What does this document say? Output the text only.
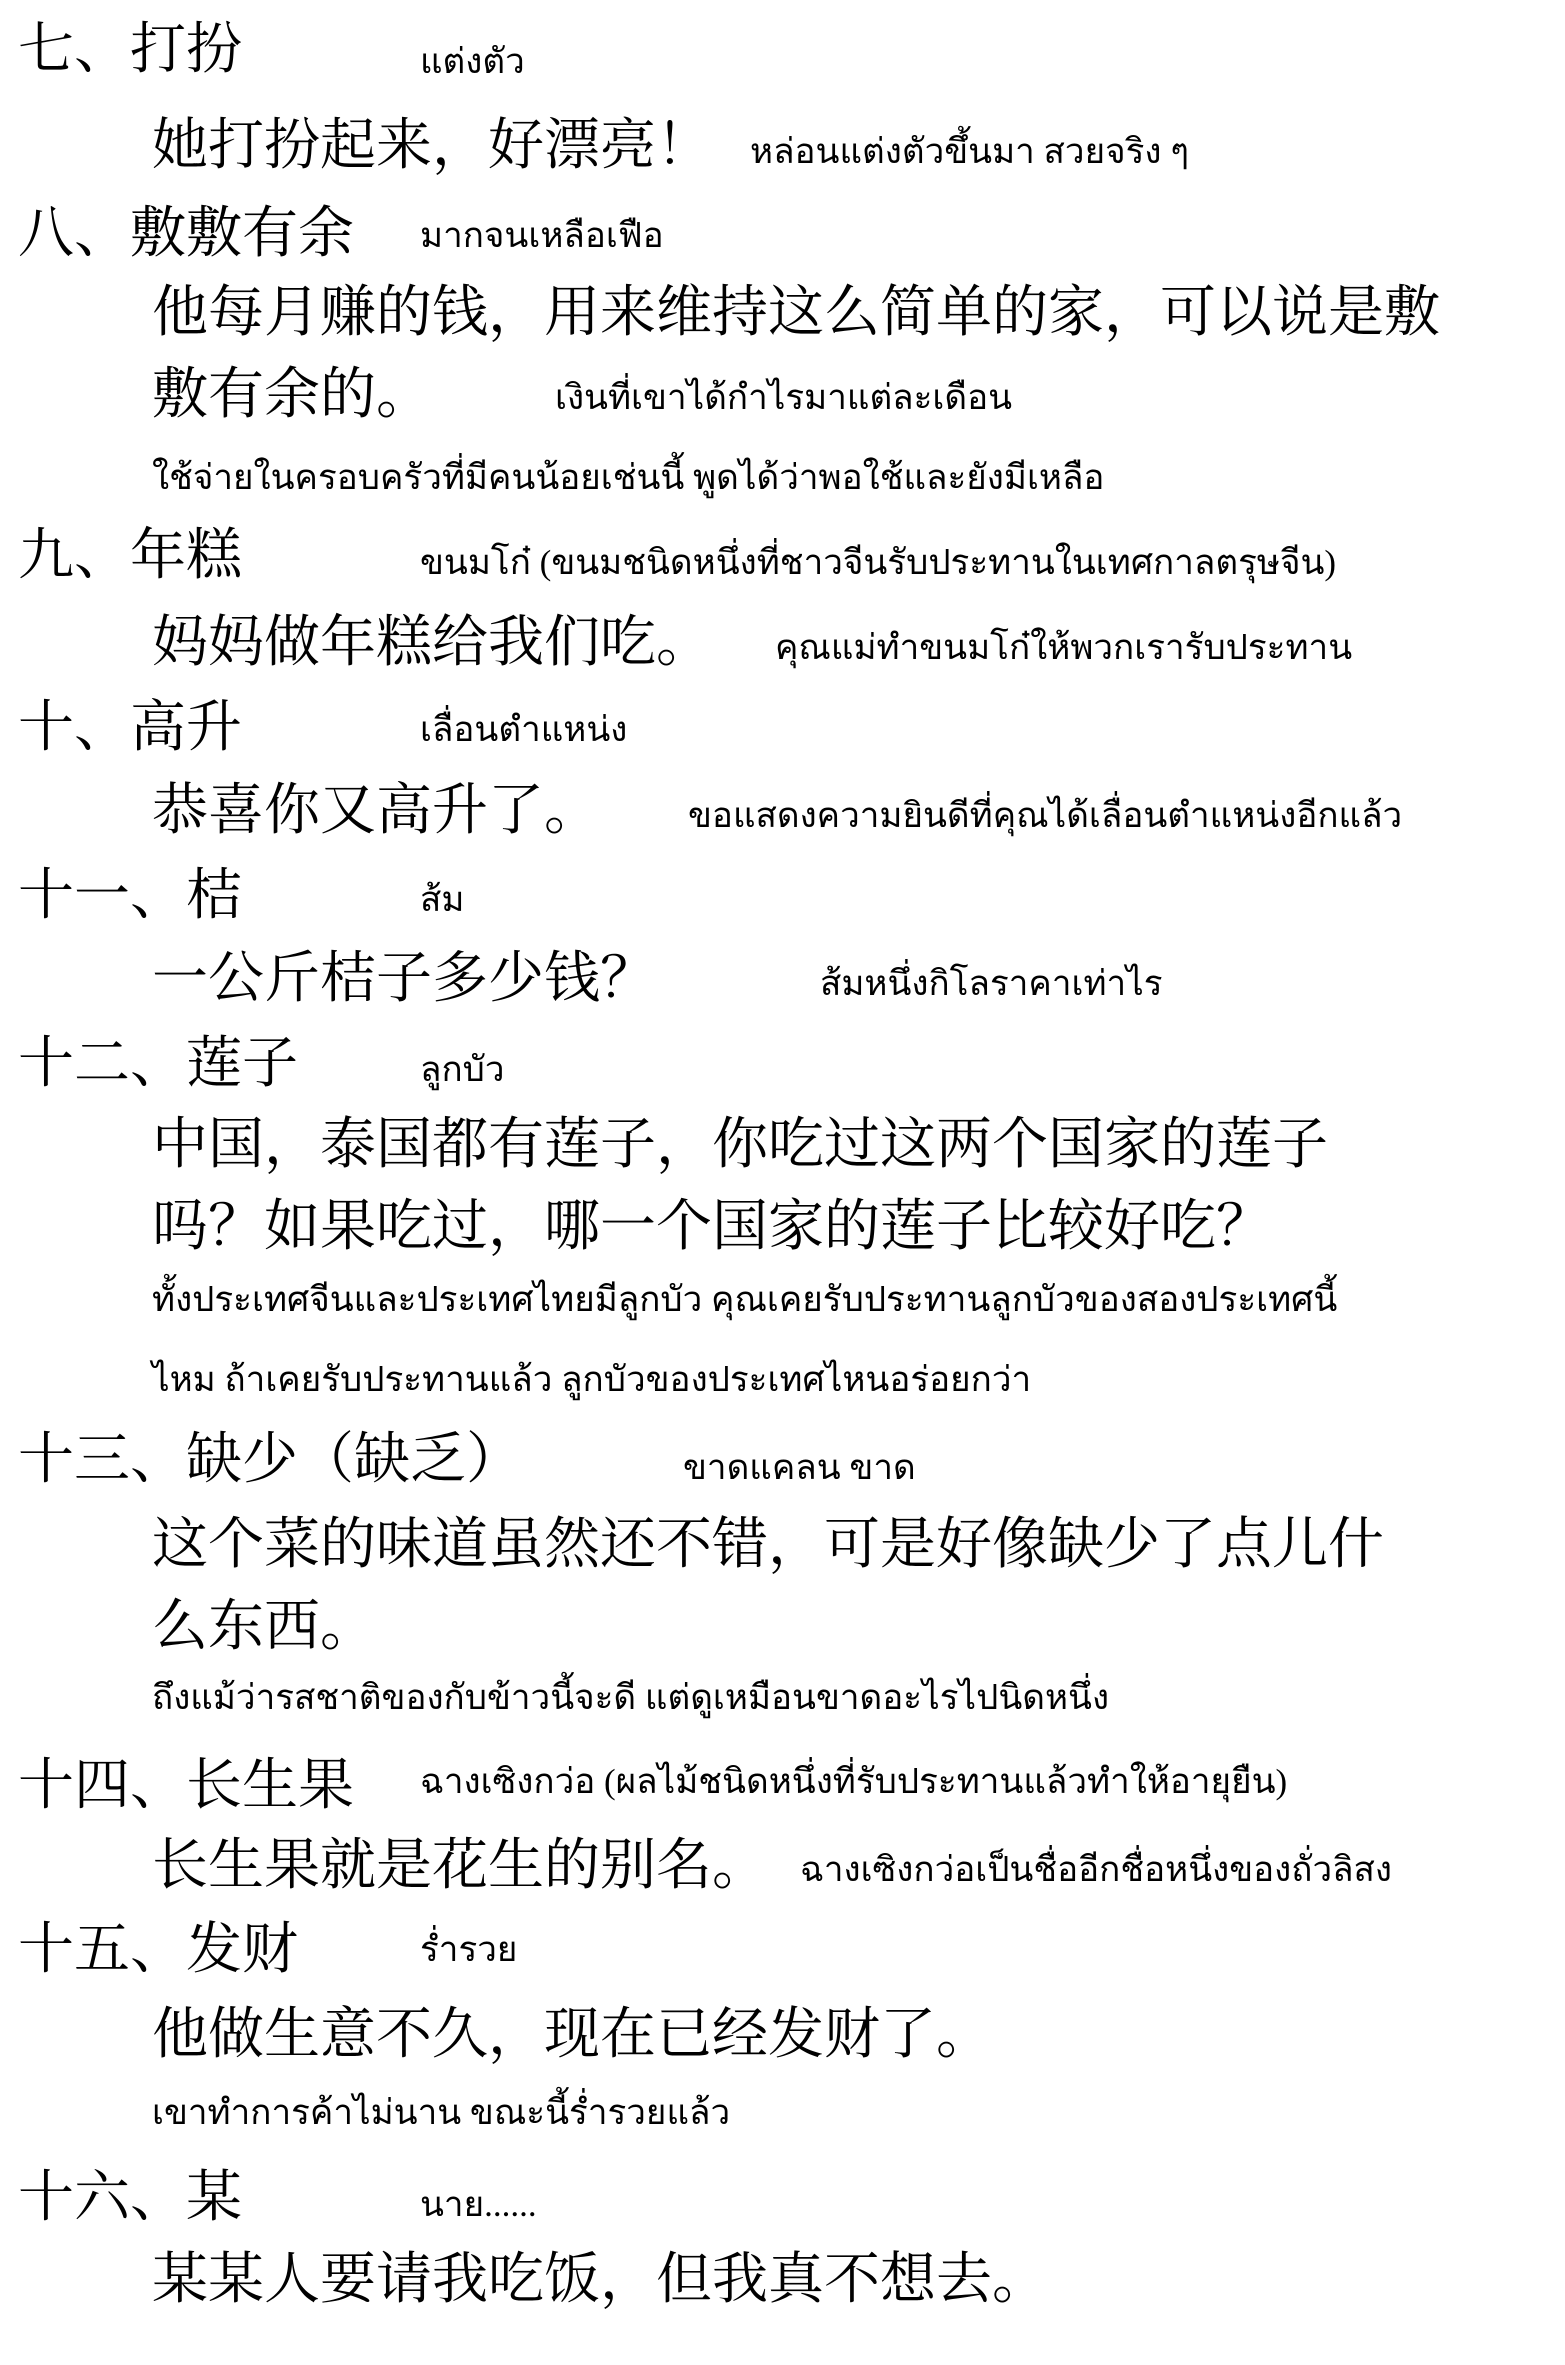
七、打扮	แต่งตัว
她打扮起来，好漂亮！ หล่อนแต่งตัวขึ้นมา สวยจริง ๆ
八、敷敷有余 มากจนเหลือเฟือ
他每月赚的钱，用来维持这么简单的家，可以说是敷
敷有余的。	เงินที่เขาได้กำไรมาแต่ละเดือน
ใช้จ่ายในครอบครัวที่มีคนน้อยเช่นนี้ พูดได้ว่าพอใช้และยังมีเหลือ
九、年糕	ขนมโก๋ (ขนมชนิดหนึ่งที่ชาวจีนรับประทานในเทศกาลตรุษจีน)
妈妈做年糕给我们吃。 คุณแม่ทำขนมโก๋ให้พวกเรารับประทาน
十、高升	เลื่อนตำแหน่ง
恭喜你又高升了。	ขอแสดงความยินดีที่คุณได้เลื่อนตำแหน่งอีกแล้ว
十一、桔	ส้ม
一公斤桔子多少钱？	ส้มหนึ่งกิโลราคาเท่าไร
十二、莲子	ลูกบัว
中国，泰国都有莲子，你吃过这两个国家的莲子
吗？如果吃过，哪一个国家的莲子比较好吃？
ทั้งประเทศจีนและประเทศไทยมีลูกบัว คุณเคยรับประทานลูกบัวของสองประเทศนี้
ไหม ถ้าเคยรับประทานแล้ว ลูกบัวของประเทศไหนอร่อยกว่า
十三、缺少（缺乏）	ขาดแคลน ขาด
这个菜的味道虽然还不错，可是好像缺少了点儿什
么东西。
ถึงแม้ว่ารสชาติของกับข้าวนี้จะดี แต่ดูเหมือนขาดอะไรไปนิดหนึ่ง
十四、长生果 ฉางเซิงกว่อ (ผลไม้ชนิดหนึ่งที่รับประทานแล้วทำให้อายุยืน)
长生果就是花生的别名。 ฉางเซิงกว่อเป็นชื่ออีกชื่อหนึ่งของถั่วลิสง
十五、发财	ร่ำรวย
他做生意不久，现在已经发财了。
เขาทำการค้าไม่นาน ขณะนี้ร่ำรวยแล้ว
十六、某	นาย......
某某人要请我吃饭，但我真不想去。
